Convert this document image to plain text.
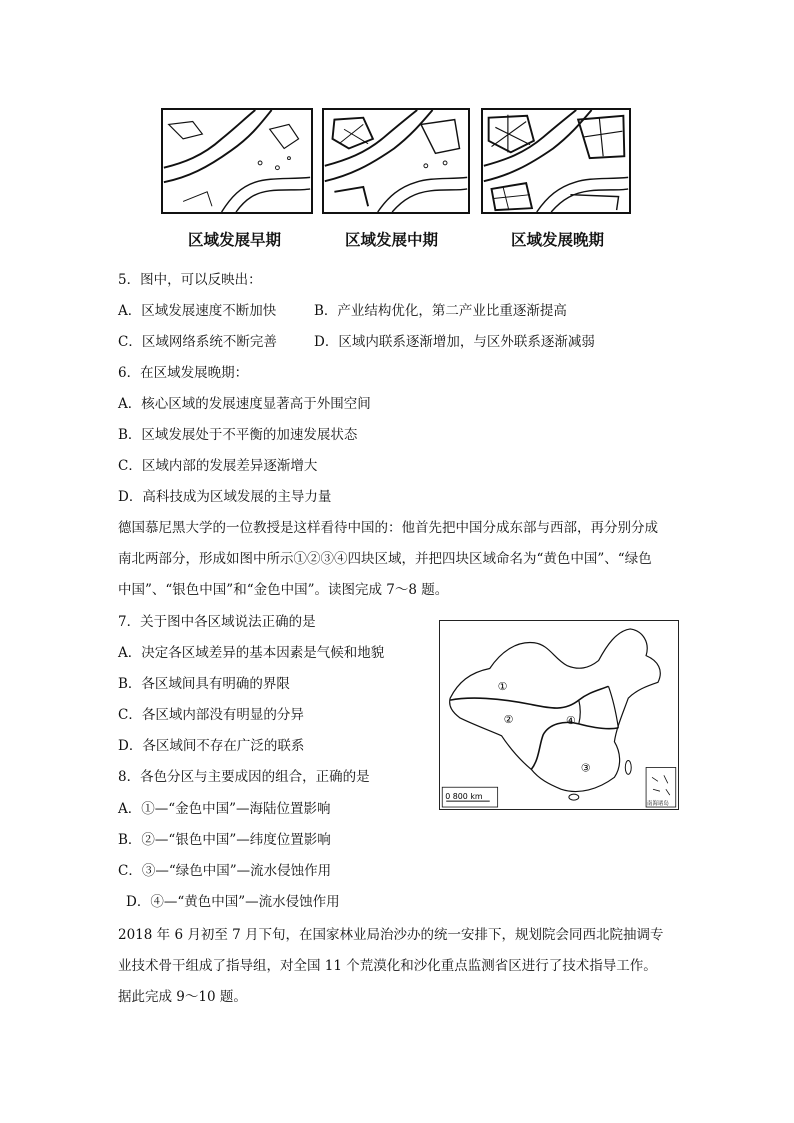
区域发展早期	区域发展中期	区域发展晚期
5．图中，可以反映出：
A．区域发展速度不断加快	B．产业结构优化，第二产业比重逐渐提高
C．区域网络系统不断完善	D．区域内联系逐渐增加，与区外联系逐渐减弱
6．在区域发展晚期：
A．核心区域的发展速度显著高于外围空间
B．区域发展处于不平衡的加速发展状态
C．区域内部的发展差异逐渐增大
D．高科技成为区域发展的主导力量
德国慕尼黑大学的一位教授是这样看待中国的：他首先把中国分成东部与西部，再分别分成
南北两部分，形成如图中所示①②③④四块区域，并把四块区域命名为“黄色中国”、“绿色
中国”、“银色中国”和“金色中国”。读图完成 7～8 题。
7．关于图中各区域说法正确的是
A．决定各区域差异的基本因素是气候和地貌
B．各区域间具有明确的界限
C．各区域内部没有明显的分异
D．各区域间不存在广泛的联系
8．各色分区与主要成因的组合，正确的是
A．①—“金色中国”—海陆位置影响
B．②—“银色中国”—纬度位置影响
C．③—“绿色中国”—流水侵蚀作用
D．④—“黄色中国”—流水侵蚀作用
①
②
③
④
0 800 km
南海诸岛
2018 年 6 月初至 7 月下旬，在国家林业局治沙办的统一安排下，规划院会同西北院抽调专
业技术骨干组成了指导组，对全国 11 个荒漠化和沙化重点监测省区进行了技术指导工作。
据此完成 9～10 题。
